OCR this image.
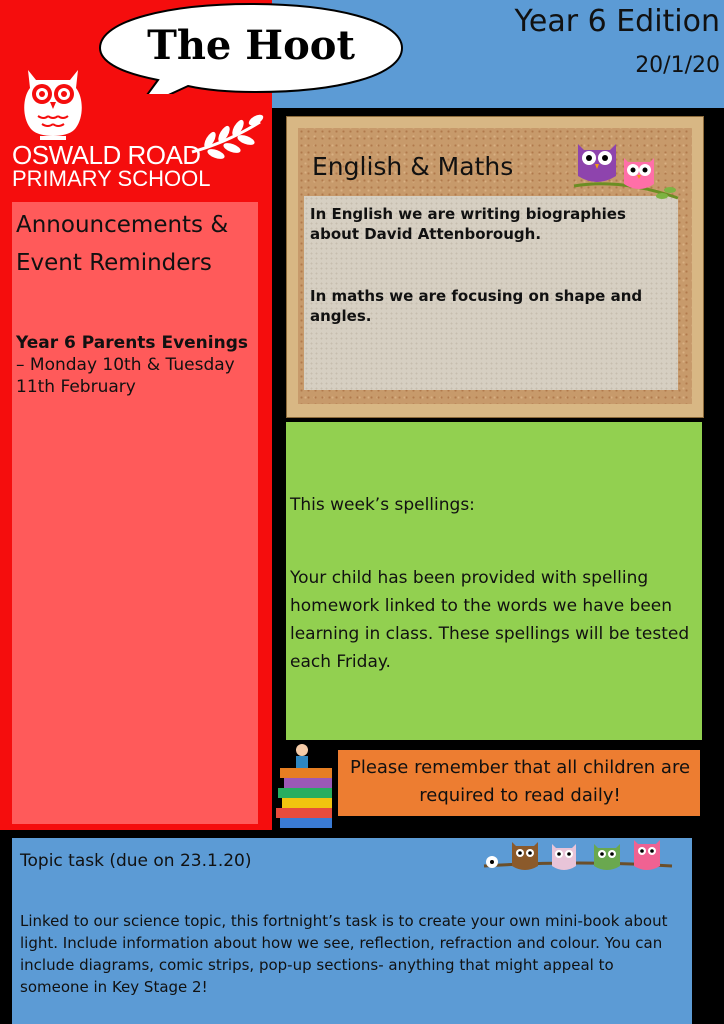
The Hoot
Year 6 Edition
20/1/20
OSWALD ROAD
PRIMARY SCHOOL
Announcements & Event Reminders
Year 6 Parents Evenings
– Monday 10th & Tuesday 11th February
English & Maths
In English we are writing biographies about David Attenborough.
In maths we are focusing on shape and angles.
This week’s spellings:
Your child has been provided with spelling homework linked to the words we have been learning in class. These spellings will be tested each Friday.
Please remember that all children are required to read daily!
Topic task (due on 23.1.20)
Linked to our science topic, this fortnight’s task is to create your own mini-book about light. Include information about how we see, reflection, refraction and colour. You can include diagrams, comic strips, pop-up sections- anything that might appeal to someone in Key Stage 2!
